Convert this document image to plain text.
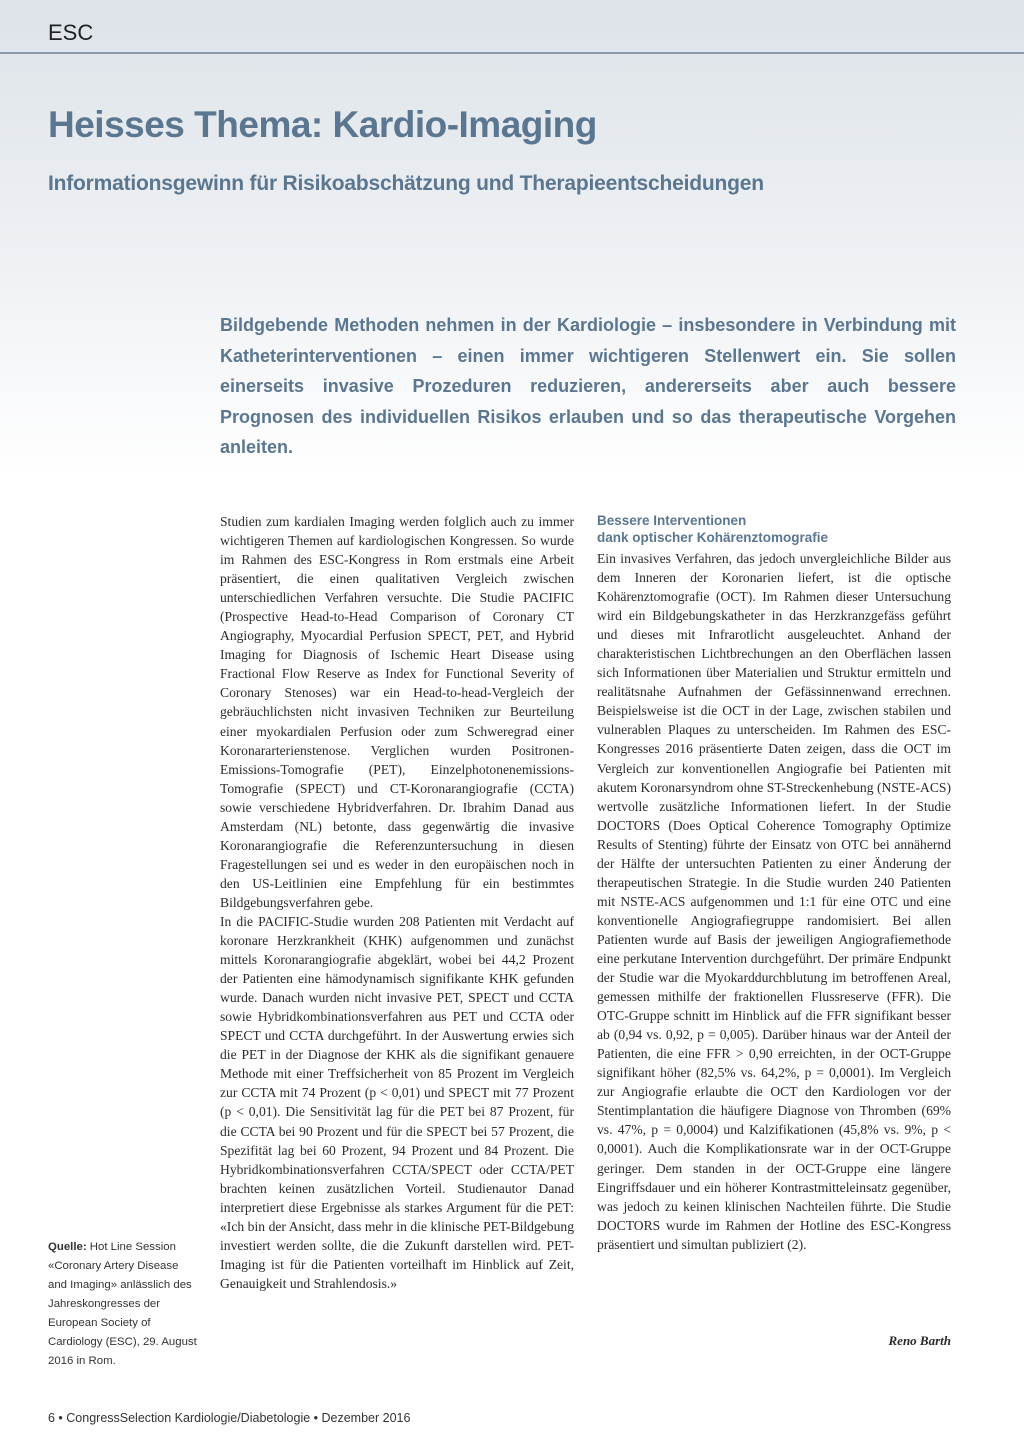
ESC
Heisses Thema: Kardio-Imaging
Informationsgewinn für Risikoabschätzung und Therapieentscheidungen

Bildgebende Methoden nehmen in der Kardiologie – insbesondere in Verbindung mit Katheterinterventionen – einen immer wichtigeren Stellenwert ein. Sie sollen einerseits invasive Prozeduren reduzieren, andererseits aber auch bessere Prognosen des individuellen Risikos erlauben und so das therapeutische Vorgehen anleiten.

Studien zum kardialen Imaging werden folglich auch zu immer wichtigeren Themen auf kardiologischen Kongressen. So wurde im Rahmen des ESC-Kongress in Rom erstmals eine Arbeit präsentiert, die einen qualitativen Vergleich zwischen unterschiedlichen Verfahren versuchte. Die Studie PACIFIC (Prospective Head-to-Head Comparison of Coronary CT Angiography, Myocardial Perfusion SPECT, PET, and Hybrid Imaging for Diagnosis of Ischemic Heart Disease using Fractional Flow Reserve as Index for Functional Severity of Coronary Stenoses) war ein Head-to-head-Vergleich der gebräuchlichsten nicht invasiven Techniken zur Beurteilung einer myokardialen Perfusion oder zum Schweregrad einer Koronararterienstenose. Verglichen wurden Positronen-Emissions-Tomografie (PET), Einzelphotonenemissions-Tomografie (SPECT) und CT-Koronarangiografie (CCTA) sowie verschiedene Hybridverfahren. Dr. Ibrahim Danad aus Amsterdam (NL) betonte, dass gegenwärtig die invasive Koronarangiografie die Referenzuntersuchung in diesen Fragestellungen sei und es weder in den europäischen noch in den US-Leitlinien eine Empfehlung für ein bestimmtes Bildgebungsverfahren gebe.

In die PACIFIC-Studie wurden 208 Patienten mit Verdacht auf koronare Herzkrankheit (KHK) aufgenommen und zunächst mittels Koronarangiografie abgeklärt, wobei bei 44,2 Prozent der Patienten eine hämodynamisch signifikante KHK gefunden wurde. Danach wurden nicht invasive PET, SPECT und CCTA sowie Hybridkombinationsverfahren aus PET und CCTA oder SPECT und CCTA durchgeführt. In der Auswertung erwies sich die PET in der Diagnose der KHK als die signifikant genauere Methode mit einer Treffsicherheit von 85 Prozent im Vergleich zur CCTA mit 74 Prozent (p < 0,01) und SPECT mit 77 Prozent (p < 0,01). Die Sensitivität lag für die PET bei 87 Prozent, für die CCTA bei 90 Prozent und für die SPECT bei 57 Prozent, die Spezifität lag bei 60 Prozent, 94 Prozent und 84 Prozent. Die Hybridkombinationsverfahren CCTA/SPECT oder CCTA/PET brachten keinen zusätzlichen Vorteil. Studienautor Danad interpretiert diese Ergebnisse als starkes Argument für die PET: «Ich bin der Ansicht, dass mehr in die klinische PET-Bildgebung investiert werden sollte, die die Zukunft darstellen wird. PET-Imaging ist für die Patienten vorteilhaft im Hinblick auf Zeit, Genauigkeit und Strahlendosis.»

Bessere Interventionen
dank optischer Kohärenztomografie

Ein invasives Verfahren, das jedoch unvergleichliche Bilder aus dem Inneren der Koronarien liefert, ist die optische Kohärenztomografie (OCT). Im Rahmen dieser Untersuchung wird ein Bildgebungskatheter in das Herzkranzgefäss geführt und dieses mit Infrarotlicht ausgeleuchtet. Anhand der charakteristischen Lichtbrechungen an den Oberflächen lassen sich Informationen über Materialien und Struktur ermitteln und realitätsnahe Aufnahmen der Gefässinnenwand errechnen. Beispielsweise ist die OCT in der Lage, zwischen stabilen und vulnerablen Plaques zu unterscheiden. Im Rahmen des ESC-Kongresses 2016 präsentierte Daten zeigen, dass die OCT im Vergleich zur konventionellen Angiografie bei Patienten mit akutem Koronarsyndrom ohne ST-Streckenhebung (NSTE-ACS) wertvolle zusätzliche Informationen liefert. In der Studie DOCTORS (Does Optical Coherence Tomography Optimize Results of Stenting) führte der Einsatz von OTC bei annähernd der Hälfte der untersuchten Patienten zu einer Änderung der therapeutischen Strategie. In die Studie wurden 240 Patienten mit NSTE-ACS aufgenommen und 1:1 für eine OTC und eine konventionelle Angiografiegruppe randomisiert. Bei allen Patienten wurde auf Basis der jeweiligen Angiografiemethode eine perkutane Intervention durchgeführt. Der primäre Endpunkt der Studie war die Myokarddurchblutung im betroffenen Areal, gemessen mithilfe der fraktionellen Flussreserve (FFR). Die OTC-Gruppe schnitt im Hinblick auf die FFR signifikant besser ab (0,94 vs. 0,92, p = 0,005). Darüber hinaus war der Anteil der Patienten, die eine FFR > 0,90 erreichten, in der OCT-Gruppe signifikant höher (82,5% vs. 64,2%, p = 0,0001). Im Vergleich zur Angiografie erlaubte die OCT den Kardiologen vor der Stentimplantation die häufigere Diagnose von Thromben (69% vs. 47%, p = 0,0004) und Kalzifikationen (45,8% vs. 9%, p < 0,0001). Auch die Komplikationsrate war in der OCT-Gruppe geringer. Dem standen in der OCT-Gruppe eine längere Eingriffsdauer und ein höherer Kontrastmitteleinsatz gegenüber, was jedoch zu keinen klinischen Nachteilen führte. Die Studie DOCTORS wurde im Rahmen der Hotline des ESC-Kongress präsentiert und simultan publiziert (2).

Reno Barth
Quelle: Hot Line Session «Coronary Artery Disease and Imaging» anlässlich des Jahreskongresses der European Society of Cardiology (ESC), 29. August 2016 in Rom.
6 • CongressSelection Kardiologie/Diabetologie • Dezember 2016
